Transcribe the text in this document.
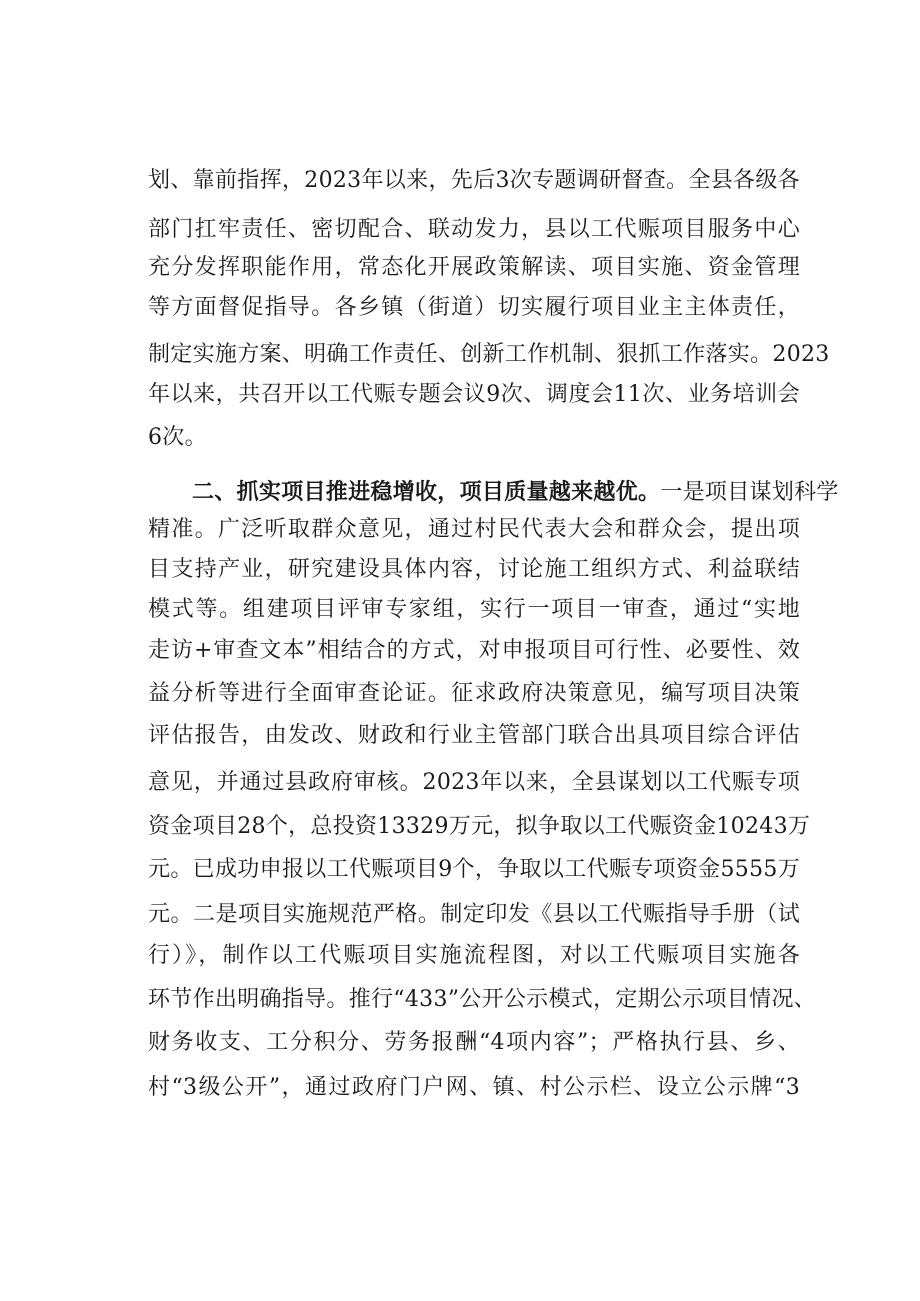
划、靠前指挥，2023年以来，先后3次专题调研督查。全县各级各
部门扛牢责任、密切配合、联动发力，县以工代赈项目服务中心
充分发挥职能作用，常态化开展政策解读、项目实施、资金管理
等方面督促指导。各乡镇（街道）切实履行项目业主主体责任，
制定实施方案、明确工作责任、创新工作机制、狠抓工作落实。2023
年以来，共召开以工代赈专题会议9次、调度会11次、业务培训会
6次。
二、抓实项目推进稳增收，项目质量越来越优。一是项目谋划科学
精准。广泛听取群众意见，通过村民代表大会和群众会，提出项
目支持产业，研究建设具体内容，讨论施工组织方式、利益联结
模式等。组建项目评审专家组，实行一项目一审查，通过“实地
走访+审查文本”相结合的方式，对申报项目可行性、必要性、效
益分析等进行全面审查论证。征求政府决策意见，编写项目决策
评估报告，由发改、财政和行业主管部门联合出具项目综合评估
意见，并通过县政府审核。2023年以来，全县谋划以工代赈专项
资金项目28个，总投资13329万元，拟争取以工代赈资金10243万
元。已成功申报以工代赈项目9个，争取以工代赈专项资金5555万
元。二是项目实施规范严格。制定印发《县以工代赈指导手册（试
行）》，制作以工代赈项目实施流程图，对以工代赈项目实施各
环节作出明确指导。推行“433”公开公示模式，定期公示项目情况、
财务收支、工分积分、劳务报酬“4项内容”；严格执行县、乡、
村“3级公开”，通过政府门户网、镇、村公示栏、设立公示牌“3
